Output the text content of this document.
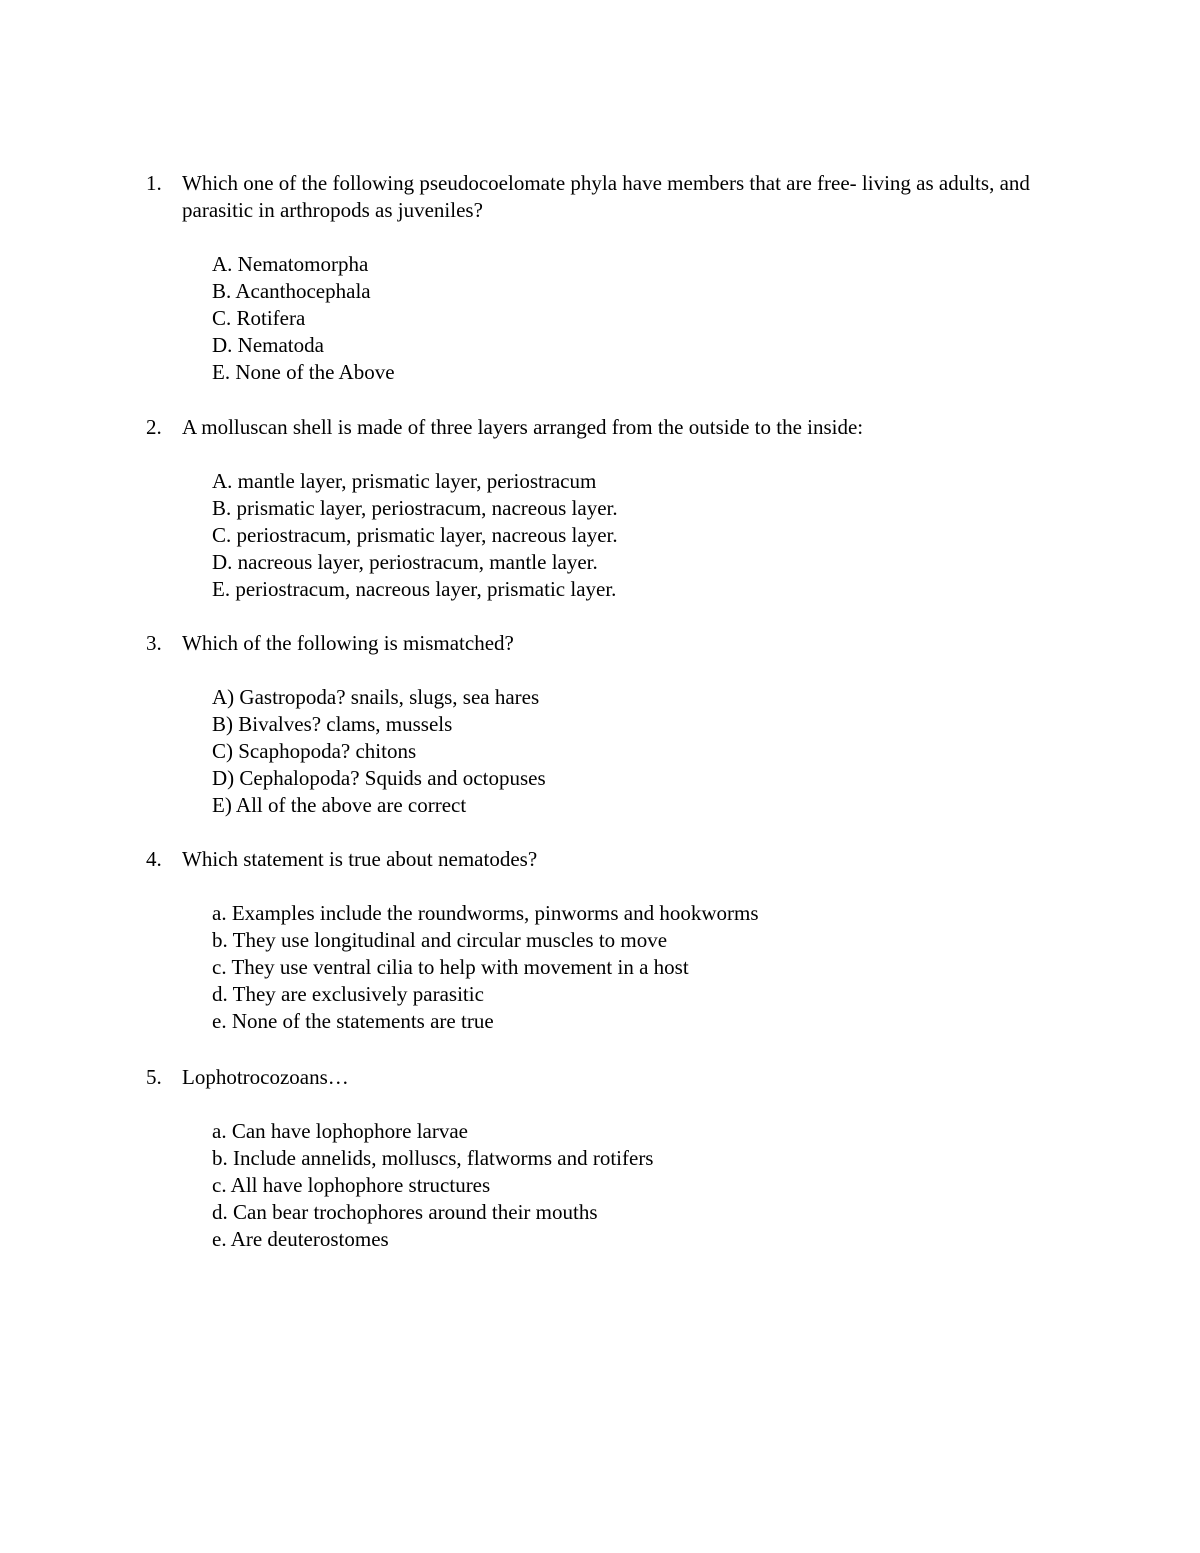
1. Which one of the following pseudocoelomate phyla have members that are free- living as adults, and parasitic in arthropods as juveniles?
A. Nematomorpha
B. Acanthocephala
C. Rotifera
D. Nematoda
E. None of the Above
2. A molluscan shell is made of three layers arranged from the outside to the inside:
A. mantle layer, prismatic layer, periostracum
B. prismatic layer, periostracum, nacreous layer.
C. periostracum, prismatic layer, nacreous layer.
D. nacreous layer, periostracum, mantle layer.
E. periostracum, nacreous layer, prismatic layer.
3. Which of the following is mismatched?
A) Gastropoda? snails, slugs, sea hares
B) Bivalves? clams, mussels
C) Scaphopoda? chitons
D) Cephalopoda? Squids and octopuses
E) All of the above are correct
4. Which statement is true about nematodes?
a. Examples include the roundworms, pinworms and hookworms
b. They use longitudinal and circular muscles to move
c. They use ventral cilia to help with movement in a host
d. They are exclusively parasitic
e. None of the statements are true
5. Lophotrocozoans…
a. Can have lophophore larvae
b. Include annelids, molluscs, flatworms and rotifers
c. All have lophophore structures
d. Can bear trochophores around their mouths
e. Are deuterostomes
